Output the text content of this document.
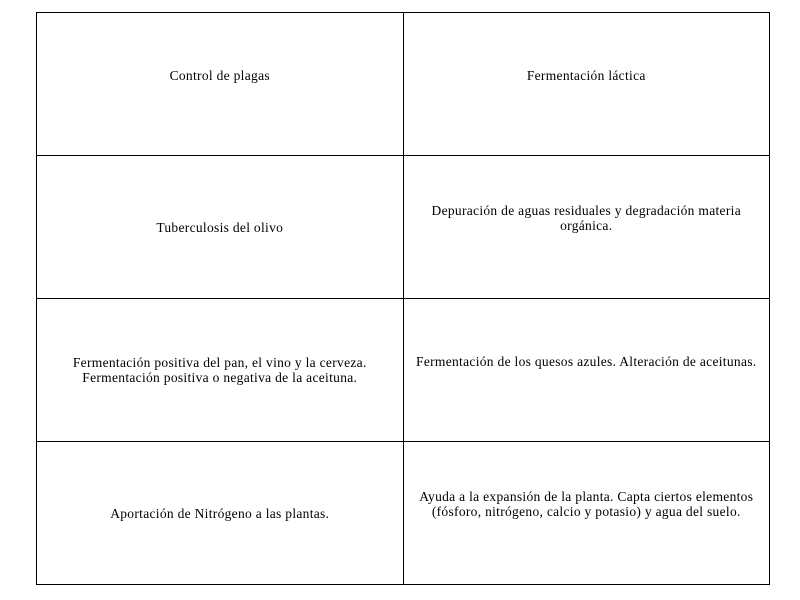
Control de plagas	Fermentación láctica
Tuberculosis del olivo	Depuración de aguas residuales y degradación materia orgánica.
Fermentación positiva del pan, el vino y la cerveza. Fermentación positiva o negativa de la aceituna.	Fermentación de los quesos azules. Alteración de aceitunas.
Aportación de Nitrógeno a las plantas.	Ayuda a la expansión de la planta. Capta ciertos elementos (fósforo, nitrógeno, calcio y potasio) y agua del suelo.
